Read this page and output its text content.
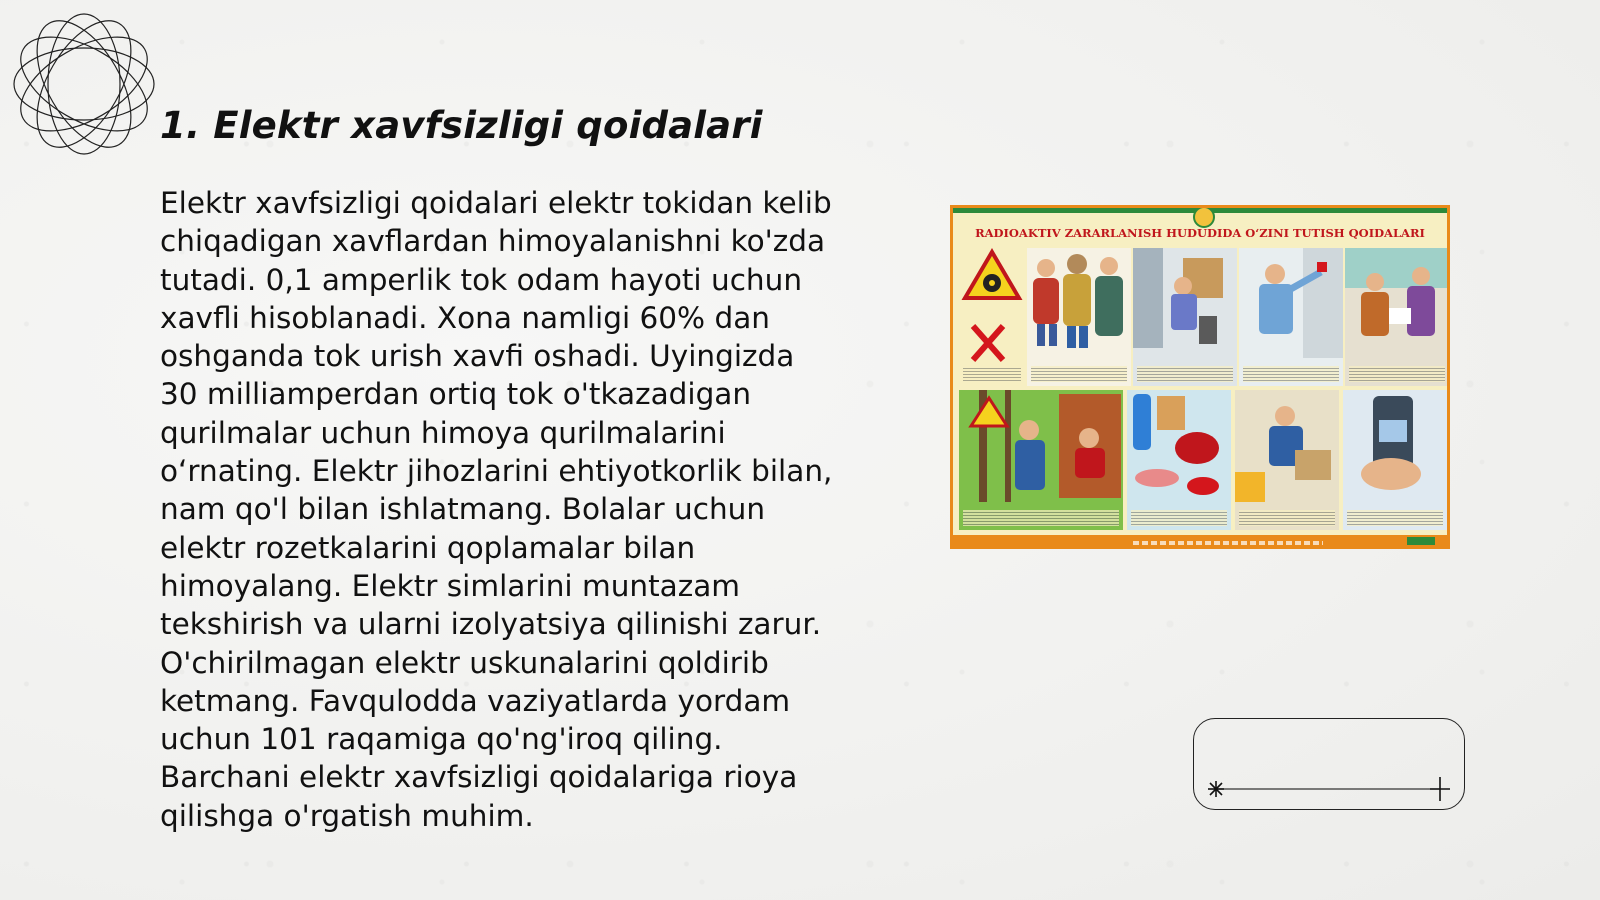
1. Elektr xavfsizligi qoidalari

Elektr xavfsizligi qoidalari elektr tokidan kelib
chiqadigan xavflardan himoyalanishni ko'zda
tutadi. 0,1 amperlik tok odam hayoti uchun
xavfli hisoblanadi. Xona namligi 60% dan
oshganda tok urish xavfi oshadi. Uyingizda
30 milliamperdan ortiq tok o'tkazadigan
qurilmalar uchun himoya qurilmalarini
o‘rnating. Elektr jihozlarini ehtiyotkorlik bilan,
nam qo'l bilan ishlatmang. Bolalar uchun
elektr rozetkalarini qoplamalar bilan
himoyalang. Elektr simlarini muntazam
tekshirish va ularni izolyatsiya qilinishi zarur.
O'chirilmagan elektr uskunalarini qoldirib
ketmang. Favqulodda vaziyatlarda yordam
uchun 101 raqamiga qo'ng'iroq qiling.
Barchani elektr xavfsizligi qoidalariga rioya
qilishga o'rgatish muhim.

RADIOAKTIV ZARARLANISH HUDUDIDA O‘ZINI TUTISH QOIDALARI
